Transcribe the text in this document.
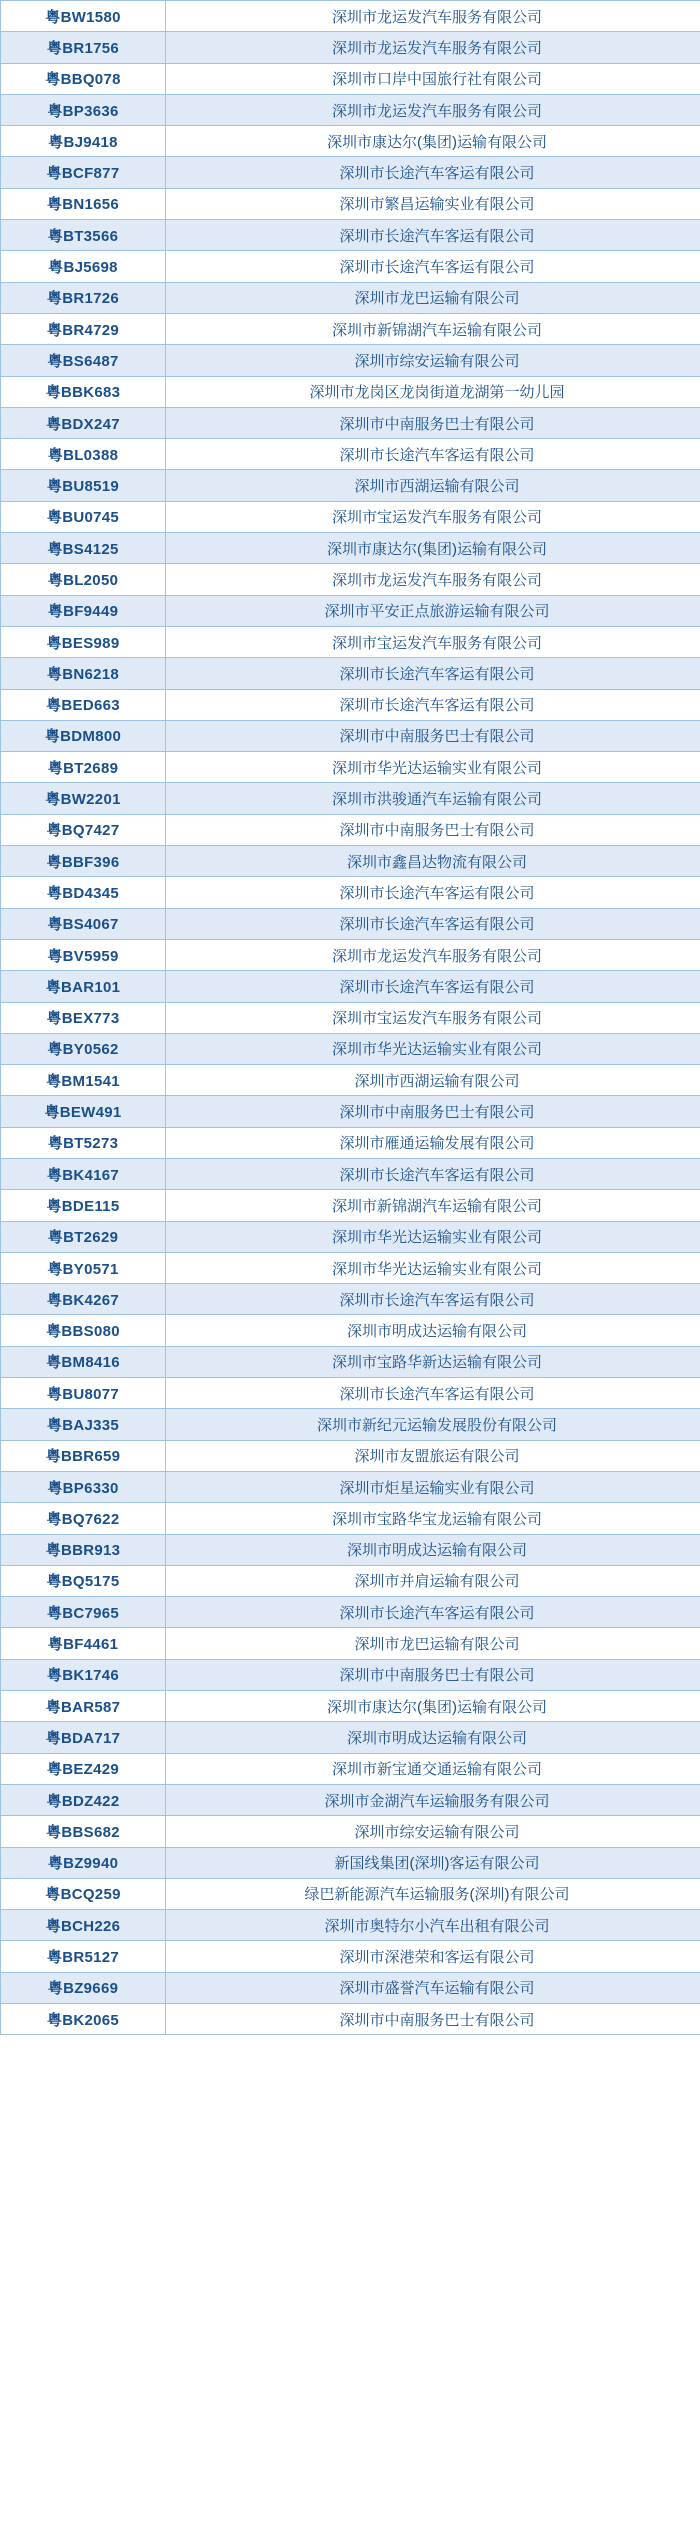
粤BW1580	深圳市龙运发汽车服务有限公司
粤BR1756	深圳市龙运发汽车服务有限公司
粤BBQ078	深圳市口岸中国旅行社有限公司
粤BP3636	深圳市龙运发汽车服务有限公司
粤BJ9418	深圳市康达尔(集团)运输有限公司
粤BCF877	深圳市长途汽车客运有限公司
粤BN1656	深圳市繁昌运输实业有限公司
粤BT3566	深圳市长途汽车客运有限公司
粤BJ5698	深圳市长途汽车客运有限公司
粤BR1726	深圳市龙巴运输有限公司
粤BR4729	深圳市新锦湖汽车运输有限公司
粤BS6487	深圳市综安运输有限公司
粤BBK683	深圳市龙岗区龙岗街道龙湖第一幼儿园
粤BDX247	深圳市中南服务巴士有限公司
粤BL0388	深圳市长途汽车客运有限公司
粤BU8519	深圳市西湖运输有限公司
粤BU0745	深圳市宝运发汽车服务有限公司
粤BS4125	深圳市康达尔(集团)运输有限公司
粤BL2050	深圳市龙运发汽车服务有限公司
粤BF9449	深圳市平安正点旅游运输有限公司
粤BES989	深圳市宝运发汽车服务有限公司
粤BN6218	深圳市长途汽车客运有限公司
粤BED663	深圳市长途汽车客运有限公司
粤BDM800	深圳市中南服务巴士有限公司
粤BT2689	深圳市华光达运输实业有限公司
粤BW2201	深圳市洪骏通汽车运输有限公司
粤BQ7427	深圳市中南服务巴士有限公司
粤BBF396	深圳市鑫昌达物流有限公司
粤BD4345	深圳市长途汽车客运有限公司
粤BS4067	深圳市长途汽车客运有限公司
粤BV5959	深圳市龙运发汽车服务有限公司
粤BAR101	深圳市长途汽车客运有限公司
粤BEX773	深圳市宝运发汽车服务有限公司
粤BY0562	深圳市华光达运输实业有限公司
粤BM1541	深圳市西湖运输有限公司
粤BEW491	深圳市中南服务巴士有限公司
粤BT5273	深圳市雁通运输发展有限公司
粤BK4167	深圳市长途汽车客运有限公司
粤BDE115	深圳市新锦湖汽车运输有限公司
粤BT2629	深圳市华光达运输实业有限公司
粤BY0571	深圳市华光达运输实业有限公司
粤BK4267	深圳市长途汽车客运有限公司
粤BBS080	深圳市明成达运输有限公司
粤BM8416	深圳市宝路华新达运输有限公司
粤BU8077	深圳市长途汽车客运有限公司
粤BAJ335	深圳市新纪元运输发展股份有限公司
粤BBR659	深圳市友盟旅运有限公司
粤BP6330	深圳市炬星运输实业有限公司
粤BQ7622	深圳市宝路华宝龙运输有限公司
粤BBR913	深圳市明成达运输有限公司
粤BQ5175	深圳市并肩运输有限公司
粤BC7965	深圳市长途汽车客运有限公司
粤BF4461	深圳市龙巴运输有限公司
粤BK1746	深圳市中南服务巴士有限公司
粤BAR587	深圳市康达尔(集团)运输有限公司
粤BDA717	深圳市明成达运输有限公司
粤BEZ429	深圳市新宝通交通运输有限公司
粤BDZ422	深圳市金湖汽车运输服务有限公司
粤BBS682	深圳市综安运输有限公司
粤BZ9940	新国线集团(深圳)客运有限公司
粤BCQ259	绿巴新能源汽车运输服务(深圳)有限公司
粤BCH226	深圳市奥特尔小汽车出租有限公司
粤BR5127	深圳市深港荣和客运有限公司
粤BZ9669	深圳市盛誉汽车运输有限公司
粤BK2065	深圳市中南服务巴士有限公司
